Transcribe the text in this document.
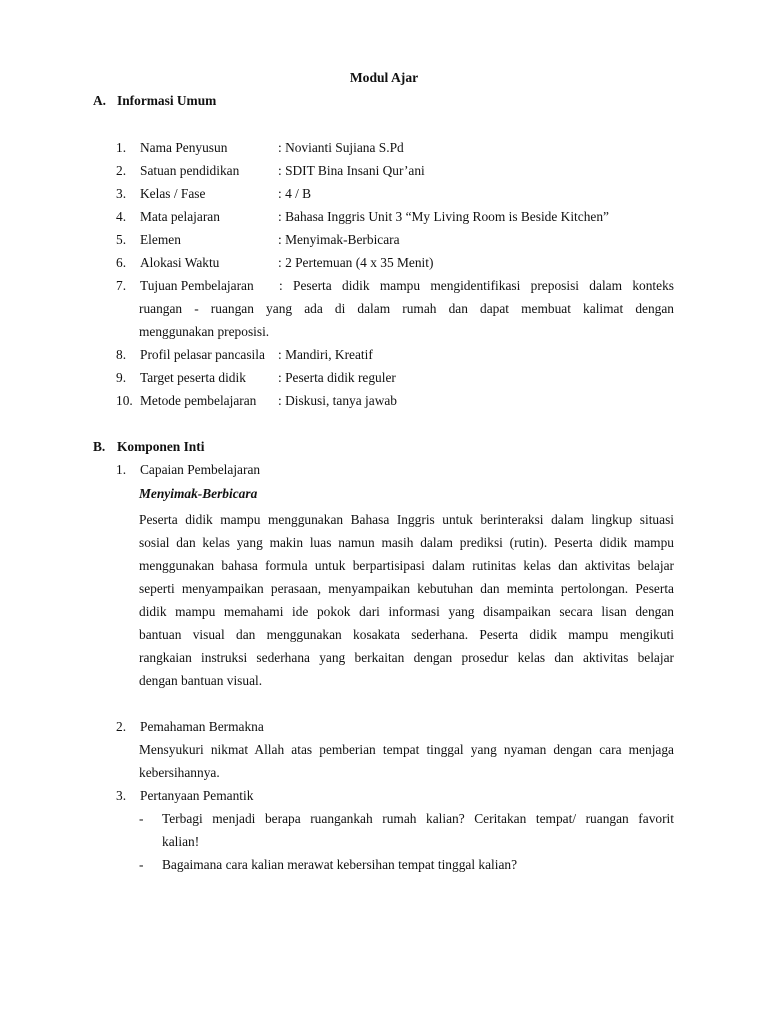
Modul Ajar
A. Informasi Umum
1. Nama Penyusun	: Novianti Sujiana S.Pd
2. Satuan pendidikan	: SDIT Bina Insani Qur’ani
3. Kelas / Fase	: 4 / B
4. Mata pelajaran	: Bahasa Inggris Unit 3 “My Living Room is Beside Kitchen”
5. Elemen	: Menyimak-Berbicara
6. Alokasi Waktu	: 2 Pertemuan (4 x 35 Menit)
7. Tujuan Pembelajaran : Peserta didik mampu mengidentifikasi preposisi dalam konteks
ruangan - ruangan yang ada di dalam rumah dan dapat membuat kalimat dengan
menggunakan preposisi.
8. Profil pelasar pancasila : Mandiri, Kreatif
9. Target peserta didik : Peserta didik reguler
10. Metode pembelajaran : Diskusi, tanya jawab
B. Komponen Inti
1. Capaian Pembelajaran
Menyimak-Berbicara
Peserta didik mampu menggunakan Bahasa Inggris untuk berinteraksi dalam lingkup situasi
sosial dan kelas yang makin luas namun masih dalam prediksi (rutin). Peserta didik mampu
menggunakan bahasa formula untuk berpartisipasi dalam rutinitas kelas dan aktivitas belajar
seperti menyampaikan perasaan, menyampaikan kebutuhan dan meminta pertolongan. Peserta
didik mampu memahami ide pokok dari informasi yang disampaikan secara lisan dengan
bantuan visual dan menggunakan kosakata sederhana. Peserta didik mampu mengikuti
rangkaian instruksi sederhana yang berkaitan dengan prosedur kelas dan aktivitas belajar
dengan bantuan visual.
2. Pemahaman Bermakna
Mensyukuri nikmat Allah atas pemberian tempat tinggal yang nyaman dengan cara menjaga
kebersihannya.
3. Pertanyaan Pemantik
- Terbagi menjadi berapa ruangankah rumah kalian? Ceritakan tempat/ ruangan favorit
kalian!
- Bagaimana cara kalian merawat kebersihan tempat tinggal kalian?
